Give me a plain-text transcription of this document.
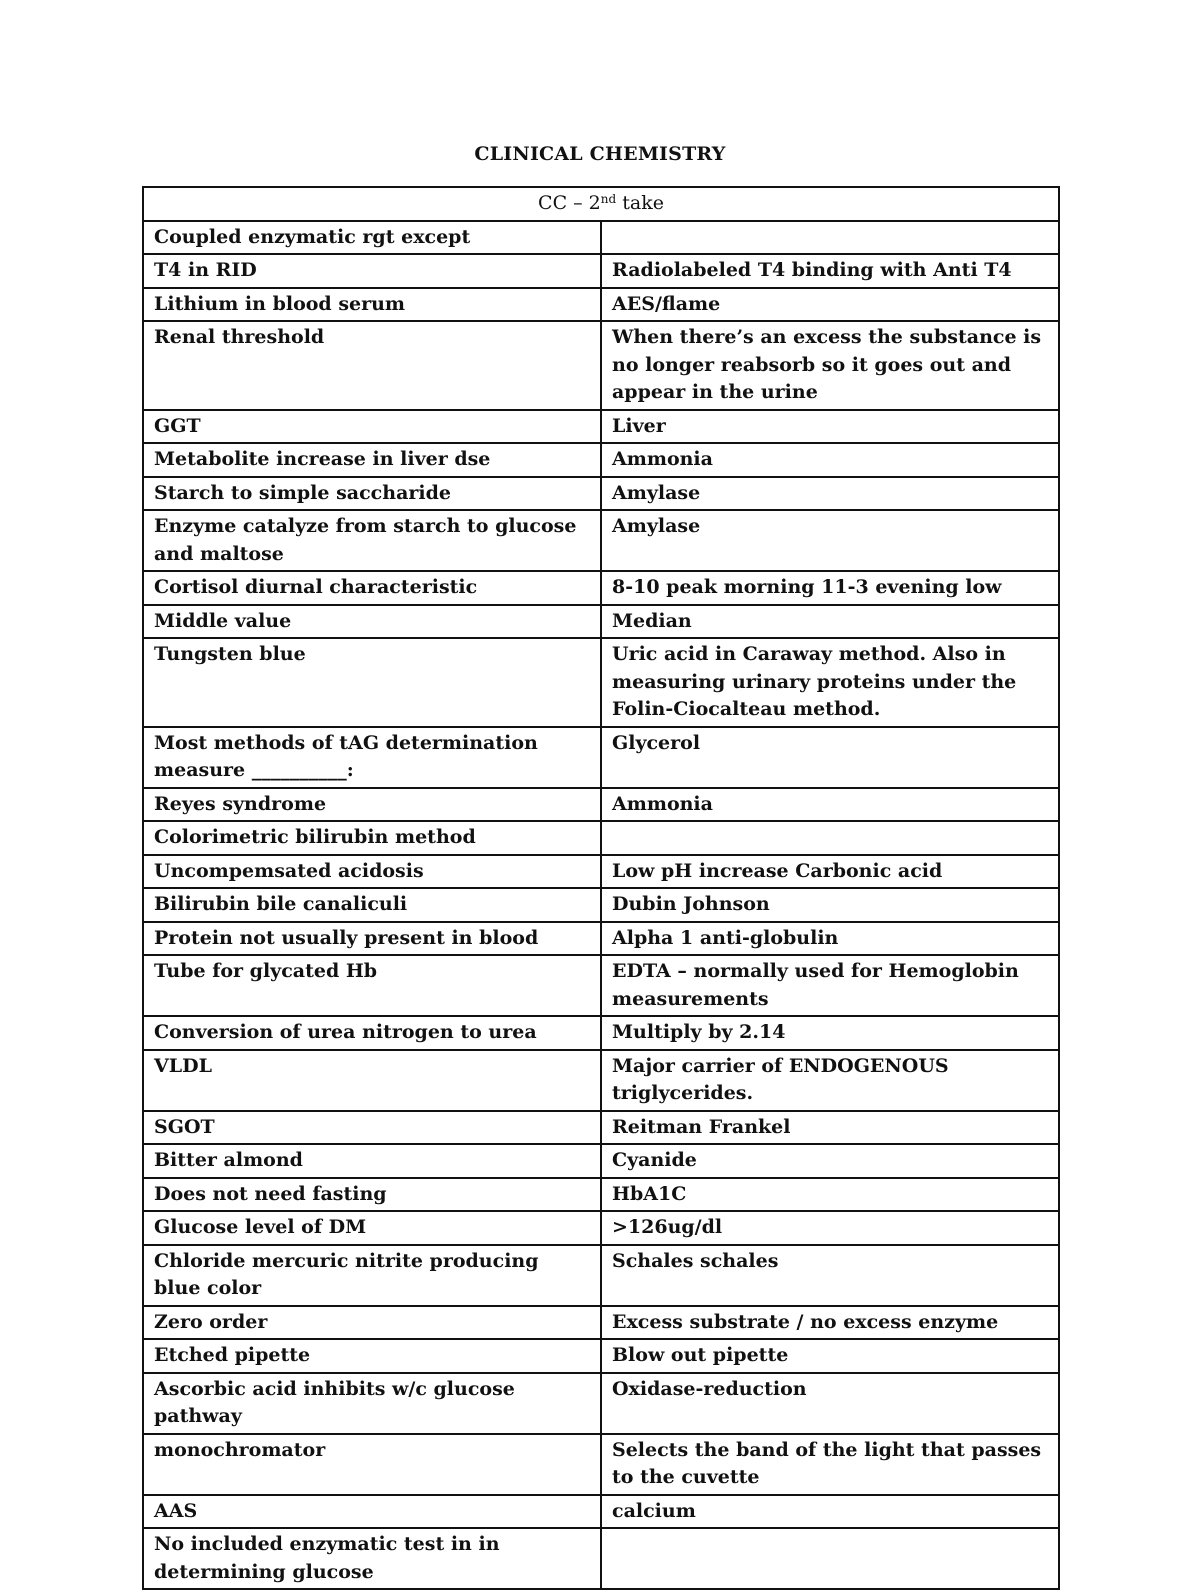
CLINICAL CHEMISTRY
CC – 2nd take	
Coupled enzymatic rgt except	
T4 in RID	Radiolabeled T4 binding with Anti T4
Lithium in blood serum	AES/flame
Renal threshold	When there’s an excess the substance is no longer reabsorb so it goes out and appear in the urine
GGT	Liver
Metabolite increase in liver dse	Ammonia
Starch to simple saccharide	Amylase
Enzyme catalyze from starch to glucose and maltose	Amylase
Cortisol diurnal characteristic	8-10 peak morning 11-3 evening low
Middle value	Median
Tungsten blue	Uric acid in Caraway method. Also in measuring urinary proteins under the Folin-Ciocalteau method.
Most methods of tAG determination measure __________:	Glycerol
Reyes syndrome	Ammonia
Colorimetric bilirubin method	
Uncompemsated acidosis	Low pH increase Carbonic acid
Bilirubin bile canaliculi	Dubin Johnson
Protein not usually present in blood	Alpha 1 anti-globulin
Tube for glycated Hb	EDTA – normally used for Hemoglobin measurements
Conversion of urea nitrogen to urea	Multiply by 2.14
VLDL	Major carrier of ENDOGENOUS triglycerides.
SGOT	Reitman Frankel
Bitter almond	Cyanide
Does not need fasting	HbA1C
Glucose level of DM	>126ug/dl
Chloride mercuric nitrite producing blue color	Schales schales
Zero order	Excess substrate / no excess enzyme
Etched pipette	Blow out pipette
Ascorbic acid inhibits w/c glucose pathway	Oxidase-reduction
monochromator	Selects the band of the light that passes to the cuvette
AAS	calcium
No included enzymatic test in in determining glucose	
